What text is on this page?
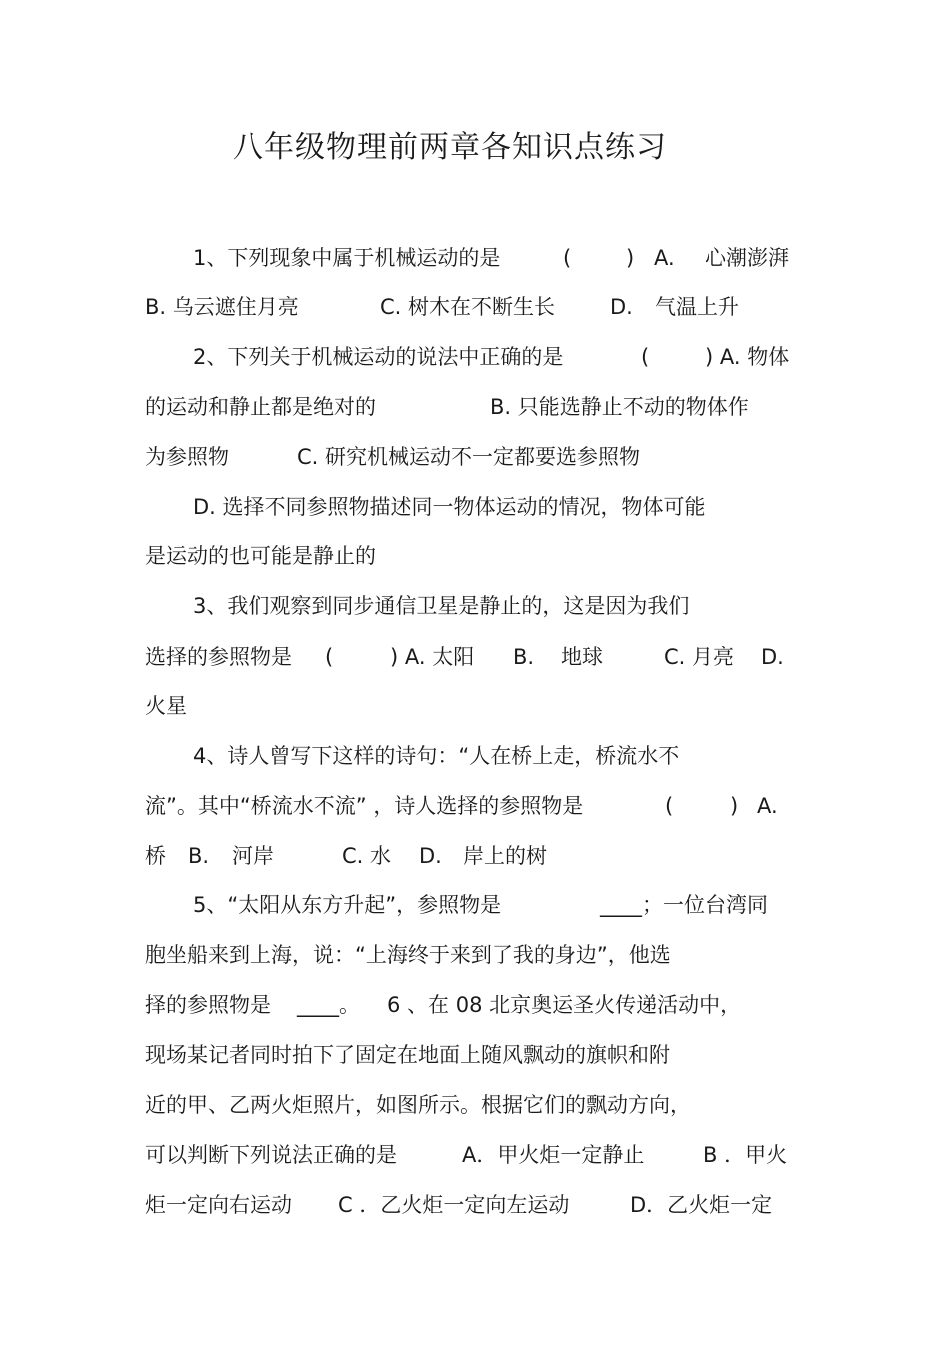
八年级物理前两章各知识点练习
1、下列现象中属于机械运动的是	(	) A. 心潮澎湃
B. 乌云遮住月亮	C. 树木在不断生长	D. 气温上升
2、下列关于机械运动的说法中正确的是	(	) A. 物体
的运动和静止都是绝对的	B. 只能选静止不动的物体作
为参照物	C. 研究机械运动不一定都要选参照物
D. 选择不同参照物描述同一物体运动的情况，物体可能
是运动的也可能是静止的
3、我们观察到同步通信卫星是静止的，这是因为我们
选择的参照物是 (	) A. 太阳 B. 地球	C. 月亮 D.
火星
4、诗人曾写下这样的诗句：“人在桥上走，桥流水不
流”。其中“桥流水不流” ，诗人选择的参照物是	(	) A.
桥 B. 河岸	C. 水 D. 岸上的树
5、“太阳从东方升起”，参照物是	____；一位台湾同
胞坐船来到上海，说：“上海终于来到了我的身边”，他选
择的参照物是 ____。 6 、在 08 北京奥运圣火传递活动中，
现场某记者同时拍下了固定在地面上随风飘动的旗帜和附
近的甲、乙两火炬照片，如图所示。根据它们的飘动方向，
可以判断下列说法正确的是	A．甲火炬一定静止	B ．甲火
炬一定向右运动 C ．乙火炬一定向左运动	D．乙火炬一定
